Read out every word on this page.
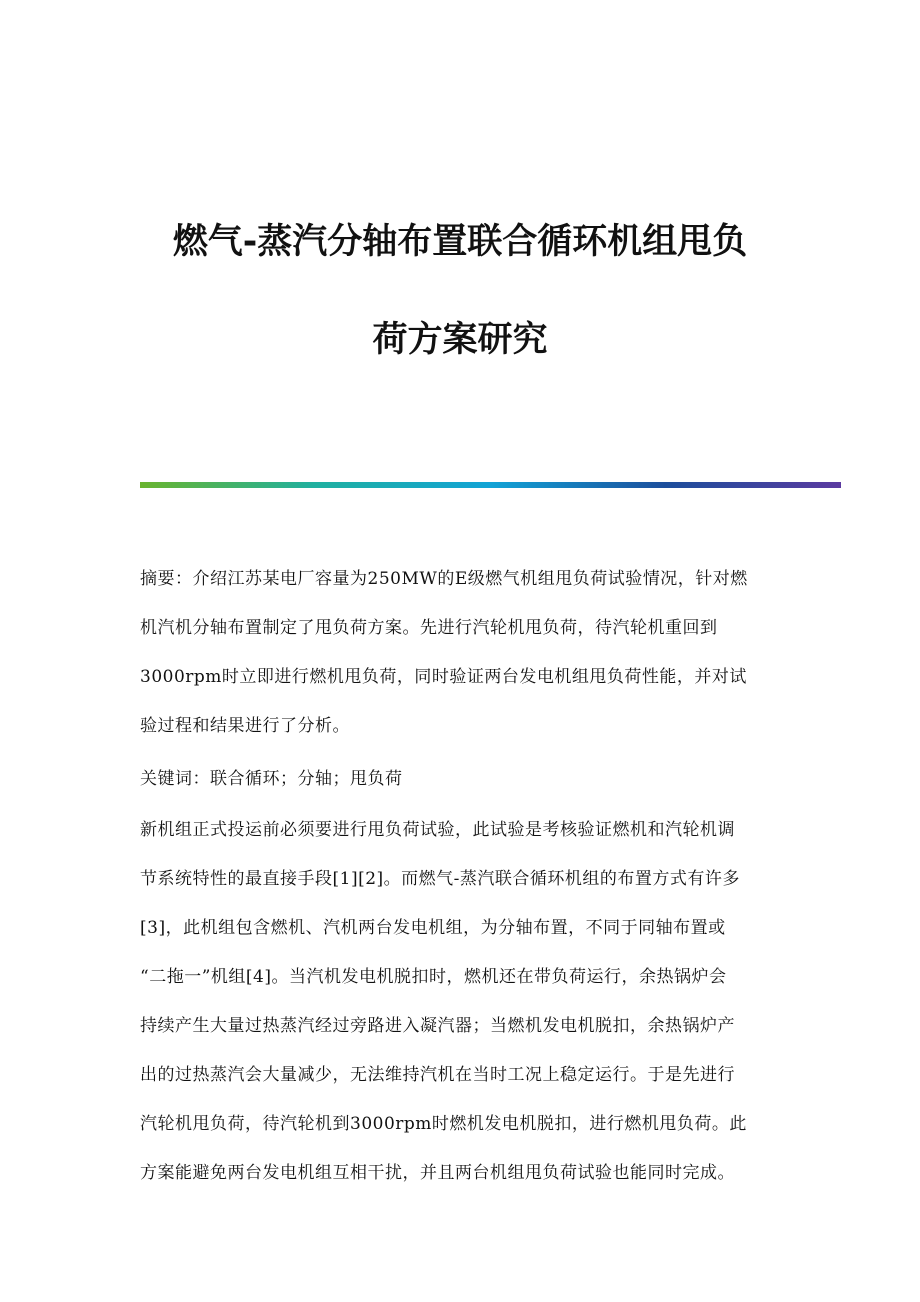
燃气-蒸汽分轴布置联合循环机组甩负
荷方案研究
摘要：介绍江苏某电厂容量为250MW的E级燃气机组甩负荷试验情况，针对燃
机汽机分轴布置制定了甩负荷方案。先进行汽轮机甩负荷，待汽轮机重回到
3000rpm时立即进行燃机甩负荷，同时验证两台发电机组甩负荷性能，并对试
验过程和结果进行了分析。
关键词：联合循环；分轴；甩负荷
新机组正式投运前必须要进行甩负荷试验，此试验是考核验证燃机和汽轮机调
节系统特性的最直接手段[1][2]。而燃气-蒸汽联合循环机组的布置方式有许多
[3]，此机组包含燃机、汽机两台发电机组，为分轴布置，不同于同轴布置或
“二拖一”机组[4]。当汽机发电机脱扣时，燃机还在带负荷运行，余热锅炉会
持续产生大量过热蒸汽经过旁路进入凝汽器；当燃机发电机脱扣，余热锅炉产
出的过热蒸汽会大量减少，无法维持汽机在当时工况上稳定运行。于是先进行
汽轮机甩负荷，待汽轮机到3000rpm时燃机发电机脱扣，进行燃机甩负荷。此
方案能避免两台发电机组互相干扰，并且两台机组甩负荷试验也能同时完成。
